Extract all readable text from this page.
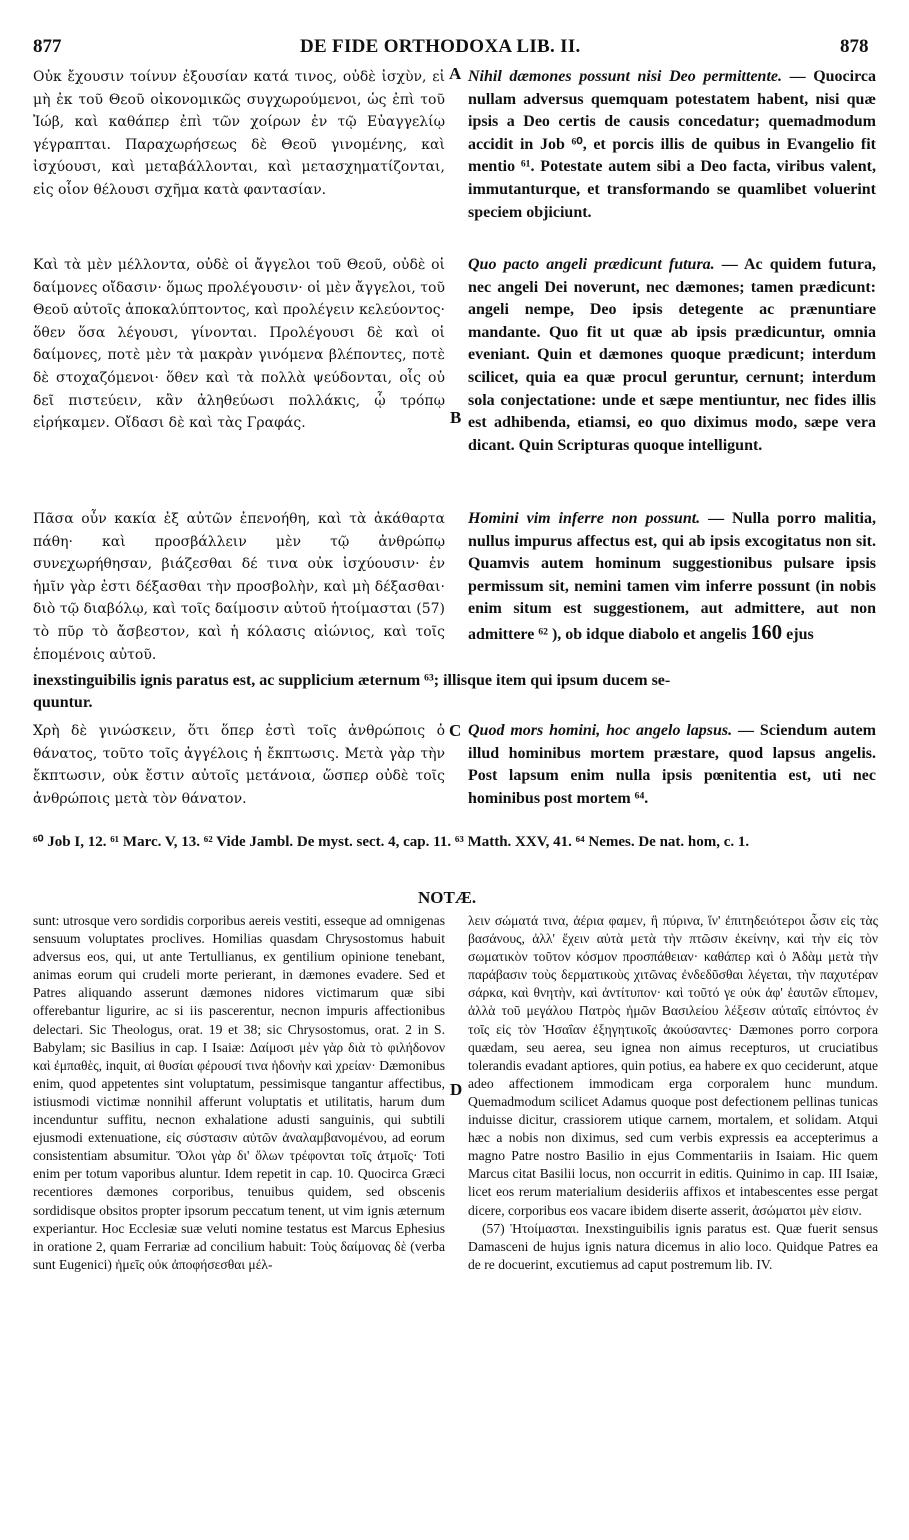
877	DE FIDE ORTHODOXA LIB. II.	878
A
B
C
D

Οὐκ ἔχουσιν τοίνυν ἐξουσίαν κατά τινος, οὐδὲ ἰσχὺν, εἰ μὴ ἐκ τοῦ Θεοῦ οἰκονομικῶς συγχωρούμενοι, ὡς ἐπὶ τοῦ Ἰώβ, καὶ καθάπερ ἐπὶ τῶν χοίρων ἐν τῷ Εὐαγγελίῳ γέγραπται. Παραχωρήσεως δὲ Θεοῦ γινομένης, καὶ ἰσχύουσι, καὶ μεταβάλλονται, καὶ μετασχηματίζονται, εἰς οἷον θέλουσι σχῆμα κατὰ φαντασίαν.

Nihil dæmones possunt nisi Deo permittente. — Quocirca nullam adversus quemquam potestatem habent, nisi quæ ipsis a Deo certis de causis concedatur; quemadmodum accidit in Job ⁶⁰, et porcis illis de quibus in Evangelio fit mentio ⁶¹. Potestate autem sibi a Deo facta, viribus valent, immutanturque, et transformando se quamlibet voluerint speciem objiciunt.

Καὶ τὰ μὲν μέλλοντα, οὐδὲ οἱ ἄγγελοι τοῦ Θεοῦ, οὐδὲ οἱ δαίμονες οἴδασιν· ὅμως προλέγουσιν· οἱ μὲν ἄγγελοι, τοῦ Θεοῦ αὐτοῖς ἀποκαλύπτοντος, καὶ προλέγειν κελεύοντος· ὅθεν ὅσα λέγουσι, γίνονται. Προλέγουσι δὲ καὶ οἱ δαίμονες, ποτὲ μὲν τὰ μακρὰν γινόμενα βλέποντες, ποτὲ δὲ στοχαζόμενοι· ὅθεν καὶ τὰ πολλὰ ψεύδονται, οἷς οὐ δεῖ πιστεύειν, κἂν ἀληθεύωσι πολλάκις, ᾧ τρόπῳ εἰρήκαμεν. Οἴδασι δὲ καὶ τὰς Γραφάς.

Quo pacto angeli prædicunt futura. — Ac quidem futura, nec angeli Dei noverunt, nec dæmones; tamen prædicunt: angeli nempe, Deo ipsis detegente ac prænuntiare mandante. Quo fit ut quæ ab ipsis prædicuntur, omnia eveniant. Quin et dæmones quoque prædicunt; interdum scilicet, quia ea quæ procul geruntur, cernunt; interdum sola conjectatione: unde et sæpe mentiuntur, nec fides illis est adhibenda, etiamsi, eo quo diximus modo, sæpe vera dicant. Quin Scripturas quoque intelligunt.

Πᾶσα οὖν κακία ἐξ αὐτῶν ἐπενοήθη, καὶ τὰ ἀκάθαρτα πάθη· καὶ προσβάλλειν μὲν τῷ ἀνθρώπῳ συνεχωρήθησαν, βιάζεσθαι δέ τινα οὐκ ἰσχύουσιν· ἐν ἡμῖν γὰρ ἐστι δέξασθαι τὴν προσβολὴν, καὶ μὴ δέξασθαι· διὸ τῷ διαβόλῳ, καὶ τοῖς δαίμοσιν αὐτοῦ ἡτοίμασται (57) τὸ πῦρ τὸ ἄσβεστον, καὶ ἡ κόλασις αἰώνιος, καὶ τοῖς ἑπομένοις αὐτοῦ.

Homini vim inferre non possunt. — Nulla porro malitia, nullus impurus affectus est, qui ab ipsis excogitatus non sit. Quamvis autem hominum suggestionibus pulsare ipsis permissum sit, nemini tamen vim inferre possunt (in nobis enim situm est suggestionem, aut admittere, aut non admittere ⁶² ), ob idque diabolo et angelis 160 ejus

inexstinguibilis ignis paratus est, ac supplicium æternum ⁶³; illisque item qui ipsum ducem se-
quuntur.

Χρὴ δὲ γινώσκειν, ὅτι ὅπερ ἐστὶ τοῖς ἀνθρώποις ὁ θάνατος, τοῦτο τοῖς ἀγγέλοις ἡ ἔκπτωσις. Μετὰ γὰρ τὴν ἔκπτωσιν, οὐκ ἔστιν αὐτοῖς μετάνοια, ὥσπερ οὐδὲ τοῖς ἀνθρώποις μετὰ τὸν θάνατον.

Quod mors homini, hoc angelo lapsus. — Sciendum autem illud hominibus mortem præstare, quod lapsus angelis. Post lapsum enim nulla ipsis pœnitentia est, uti nec hominibus post mortem ⁶⁴.

⁶⁰ Job I, 12. ⁶¹ Marc. V, 13. ⁶² Vide Jambl. De myst. sect. 4, cap. 11. ⁶³ Matth. XXV, 41. ⁶⁴ Nemes. De nat. hom, c. 1.
NOTÆ.

sunt: utrosque vero sordidis corporibus aereis vestiti, esseque ad omnigenas sensuum voluptates proclives. Homilias quasdam Chrysostomus habuit adversus eos, qui, ut ante Tertullianus, ex gentilium opinione tenebant, animas eorum qui crudeli morte perierant, in dæmones evadere. Sed et Patres aliquando asserunt dæmones nidores victimarum quæ sibi offerebantur ligurire, ac si iis pascerentur, necnon impuris affectionibus delectari. Sic Theologus, orat. 19 et 38; sic Chrysostomus, orat. 2 in S. Babylam; sic Basilius in cap. I Isaiæ: Δαίμοσι μὲν γὰρ διὰ τὸ φιλήδονον καὶ ἐμπαθὲς, inquit, αἱ θυσίαι φέρουσί τινα ἡδονὴν καὶ χρείαν· Dæmonibus enim, quod appetentes sint voluptatum, pessimisque tangantur affectibus, istiusmodi victimæ nonnihil afferunt voluptatis et utilitatis, harum dum incenduntur suffitu, necnon exhalatione adusti sanguinis, qui subtili ejusmodi extenuatione, εἰς σύστασιν αὐτῶν ἀναλαμβανομένου, ad eorum consistentiam absumitur. Ὅλοι γὰρ δι' ὅλων τρέφονται τοῖς ἀτμοῖς· Toti enim per totum vaporibus aluntur. Idem repetit in cap. 10. Quocirca Græci recentiores dæmones corporibus, tenuibus quidem, sed obscenis sordidisque obsitos propter ipsorum peccatum tenent, ut vim ignis æternum experiantur. Hoc Ecclesiæ suæ veluti nomine testatus est Marcus Ephesius in oratione 2, quam Ferrariæ ad concilium habuit: Τοὺς δαίμονας δὲ (verba sunt Eugenici) ἡμεῖς οὐκ ἀποφήσεσθαι μέλ-

λειν σώματά τινα, ἀέρια φαμεν, ἢ πύρινα, ἵν' ἐπιτηδειότεροι ὦσιν εἰς τὰς βασάνους, ἀλλ' ἔχειν αὐτὰ μετὰ τὴν πτῶσιν ἐκείνην, καὶ τὴν εἰς τὸν σωματικὸν τοῦτον κόσμον προσπάθειαν· καθάπερ καὶ ὁ Ἀδὰμ μετὰ τὴν παράβασιν τοὺς δερματικοὺς χιτῶνας ἐνδεδῦσθαι λέγεται, τὴν παχυτέραν σάρκα, καὶ θνητὴν, καὶ ἀντίτυπον· καὶ τοῦτό γε οὐκ ἀφ' ἑαυτῶν εἴπομεν, ἀλλὰ τοῦ μεγάλου Πατρὸς ἡμῶν Βασιλείου λέξεσιν αὐταῖς εἰπόντος ἐν τοῖς εἰς τὸν Ἡσαΐαν ἐξηγητικοῖς ἀκούσαντες· Dæmones porro corpora quædam, seu aerea, seu ignea non aimus recepturos, ut cruciatibus tolerandis evadant aptiores, quin potius, ea habere ex quo ceciderunt, atque adeo affectionem immodicam erga corporalem hunc mundum. Quemadmodum scilicet Adamus quoque post defectionem pellinas tunicas induisse dicitur, crassiorem utique carnem, mortalem, et solidam. Atqui hæc a nobis non diximus, sed cum verbis expressis ea accepterimus a magno Patre nostro Basilio in ejus Commentariis in Isaiam. Hic quem Marcus citat Basilii locus, non occurrit in editis. Quinimo in cap. III Isaiæ, licet eos rerum materialium desideriis affixos et intabescentes esse pergat dicere, corporibus eos vacare ibidem diserte asserit, ἀσώματοι μὲν εἰσιν.

(57) Ἡτοίμασται. Inexstinguibilis ignis paratus est. Quæ fuerit sensus Damasceni de hujus ignis natura dicemus in alio loco. Quidque Patres ea de re docuerint, excutiemus ad caput postremum lib. IV.
